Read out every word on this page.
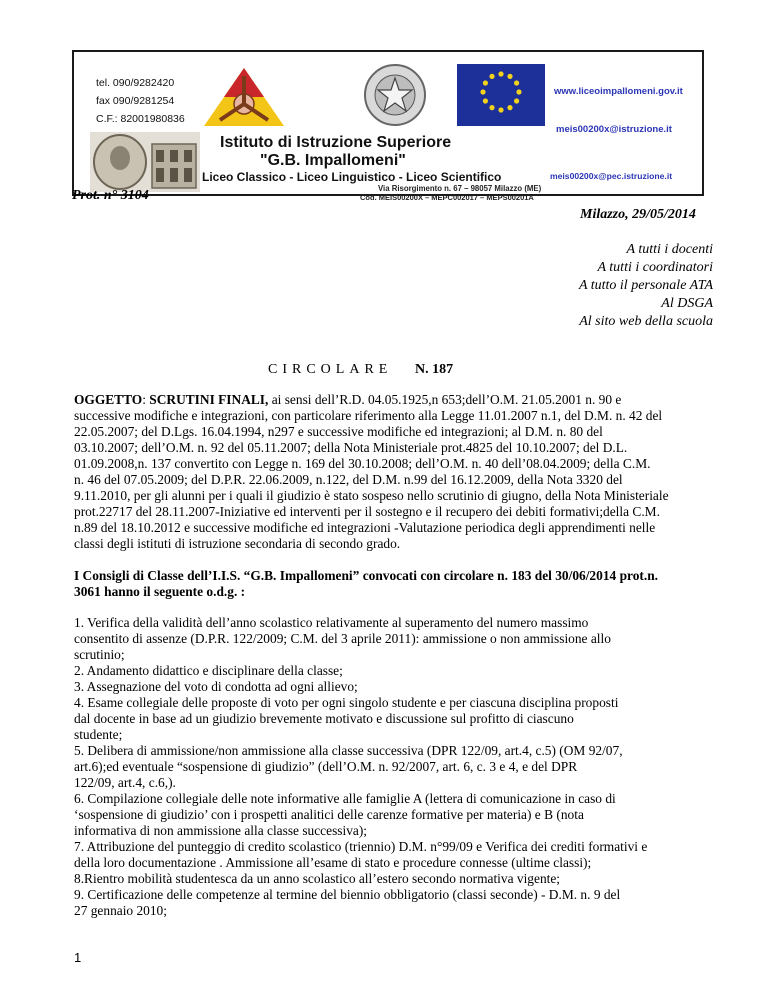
tel. 090/9282420
fax 090/9281254
C.F.: 82001980836
Istituto di Istruzione Superiore
"G.B. Impallomeni"
Liceo Classico - Liceo Linguistico - Liceo Scientifico
Via Risorgimento n. 67 – 98057 Milazzo (ME)
Cod. MEIS00200X – MEPC002017 – MEPS00201A
www.liceoimpallomeni.gov.it
meis00200x@istruzione.it
meis00200x@pec.istruzione.it
Prot. n° 3104
Milazzo, 29/05/2014
A tutti i docenti
A tutti i coordinatori
A tutto il personale ATA
Al DSGA
Al sito web della scuola
CIRCOLARE N. 187
OGGETTO: SCRUTINI FINALI, ai sensi dell’R.D. 04.05.1925,n 653;dell’O.M. 21.05.2001 n. 90 e
successive modifiche e integrazioni, con particolare riferimento alla Legge 11.01.2007 n.1, del D.M. n. 42 del
22.05.2007; del D.Lgs. 16.04.1994, n297 e successive modifiche ed integrazioni; al D.M. n. 80 del
03.10.2007; dell’O.M. n. 92 del 05.11.2007; della Nota Ministeriale prot.4825 del 10.10.2007; del D.L.
01.09.2008,n. 137 convertito con Legge n. 169 del 30.10.2008; dell’O.M. n. 40 dell’08.04.2009; della C.M.
n. 46 del 07.05.2009; del D.P.R. 22.06.2009, n.122, del D.M. n.99 del 16.12.2009, della Nota 3320 del
9.11.2010, per gli alunni per i quali il giudizio è stato sospeso nello scrutinio di giugno, della Nota Ministeriale
prot.22717 del 28.11.2007-Iniziative ed interventi per il sostegno e il recupero dei debiti formativi;della C.M.
n.89 del 18.10.2012 e successive modifiche ed integrazioni -Valutazione periodica degli apprendimenti nelle
classi degli istituti di istruzione secondaria di secondo grado.
I Consigli di Classe dell’I.I.S. “G.B. Impallomeni” convocati con circolare n. 183 del 30/06/2014 prot.n.
3061 hanno il seguente o.d.g. :
1. Verifica della validità dell’anno scolastico relativamente al superamento del numero massimo
consentito di assenze (D.P.R. 122/2009; C.M. del 3 aprile 2011): ammissione o non ammissione allo
scrutinio;
2. Andamento didattico e disciplinare della classe;
3. Assegnazione del voto di condotta ad ogni allievo;
4. Esame collegiale delle proposte di voto per ogni singolo studente e per ciascuna disciplina proposti
dal docente in base ad un giudizio brevemente motivato e discussione sul profitto di ciascuno
studente;
5. Delibera di ammissione/non ammissione alla classe successiva (DPR 122/09, art.4, c.5) (OM 92/07,
art.6);ed eventuale “sospensione di giudizio” (dell’O.M. n. 92/2007, art. 6, c. 3 e 4, e del DPR
122/09, art.4, c.6,).
6. Compilazione collegiale delle note informative alle famiglie A (lettera di comunicazione in caso di
‘sospensione di giudizio’ con i prospetti analitici delle carenze formative per materia) e B (nota
informativa di non ammissione alla classe successiva);
7. Attribuzione del punteggio di credito scolastico (triennio) D.M. n°99/09 e Verifica dei crediti formativi e
della loro documentazione . Ammissione all’esame di stato e procedure connesse (ultime classi);
8.Rientro mobilità studentesca da un anno scolastico all’estero secondo normativa vigente;
9. Certificazione delle competenze al termine del biennio obbligatorio (classi seconde) - D.M. n. 9 del
27 gennaio 2010;
1
